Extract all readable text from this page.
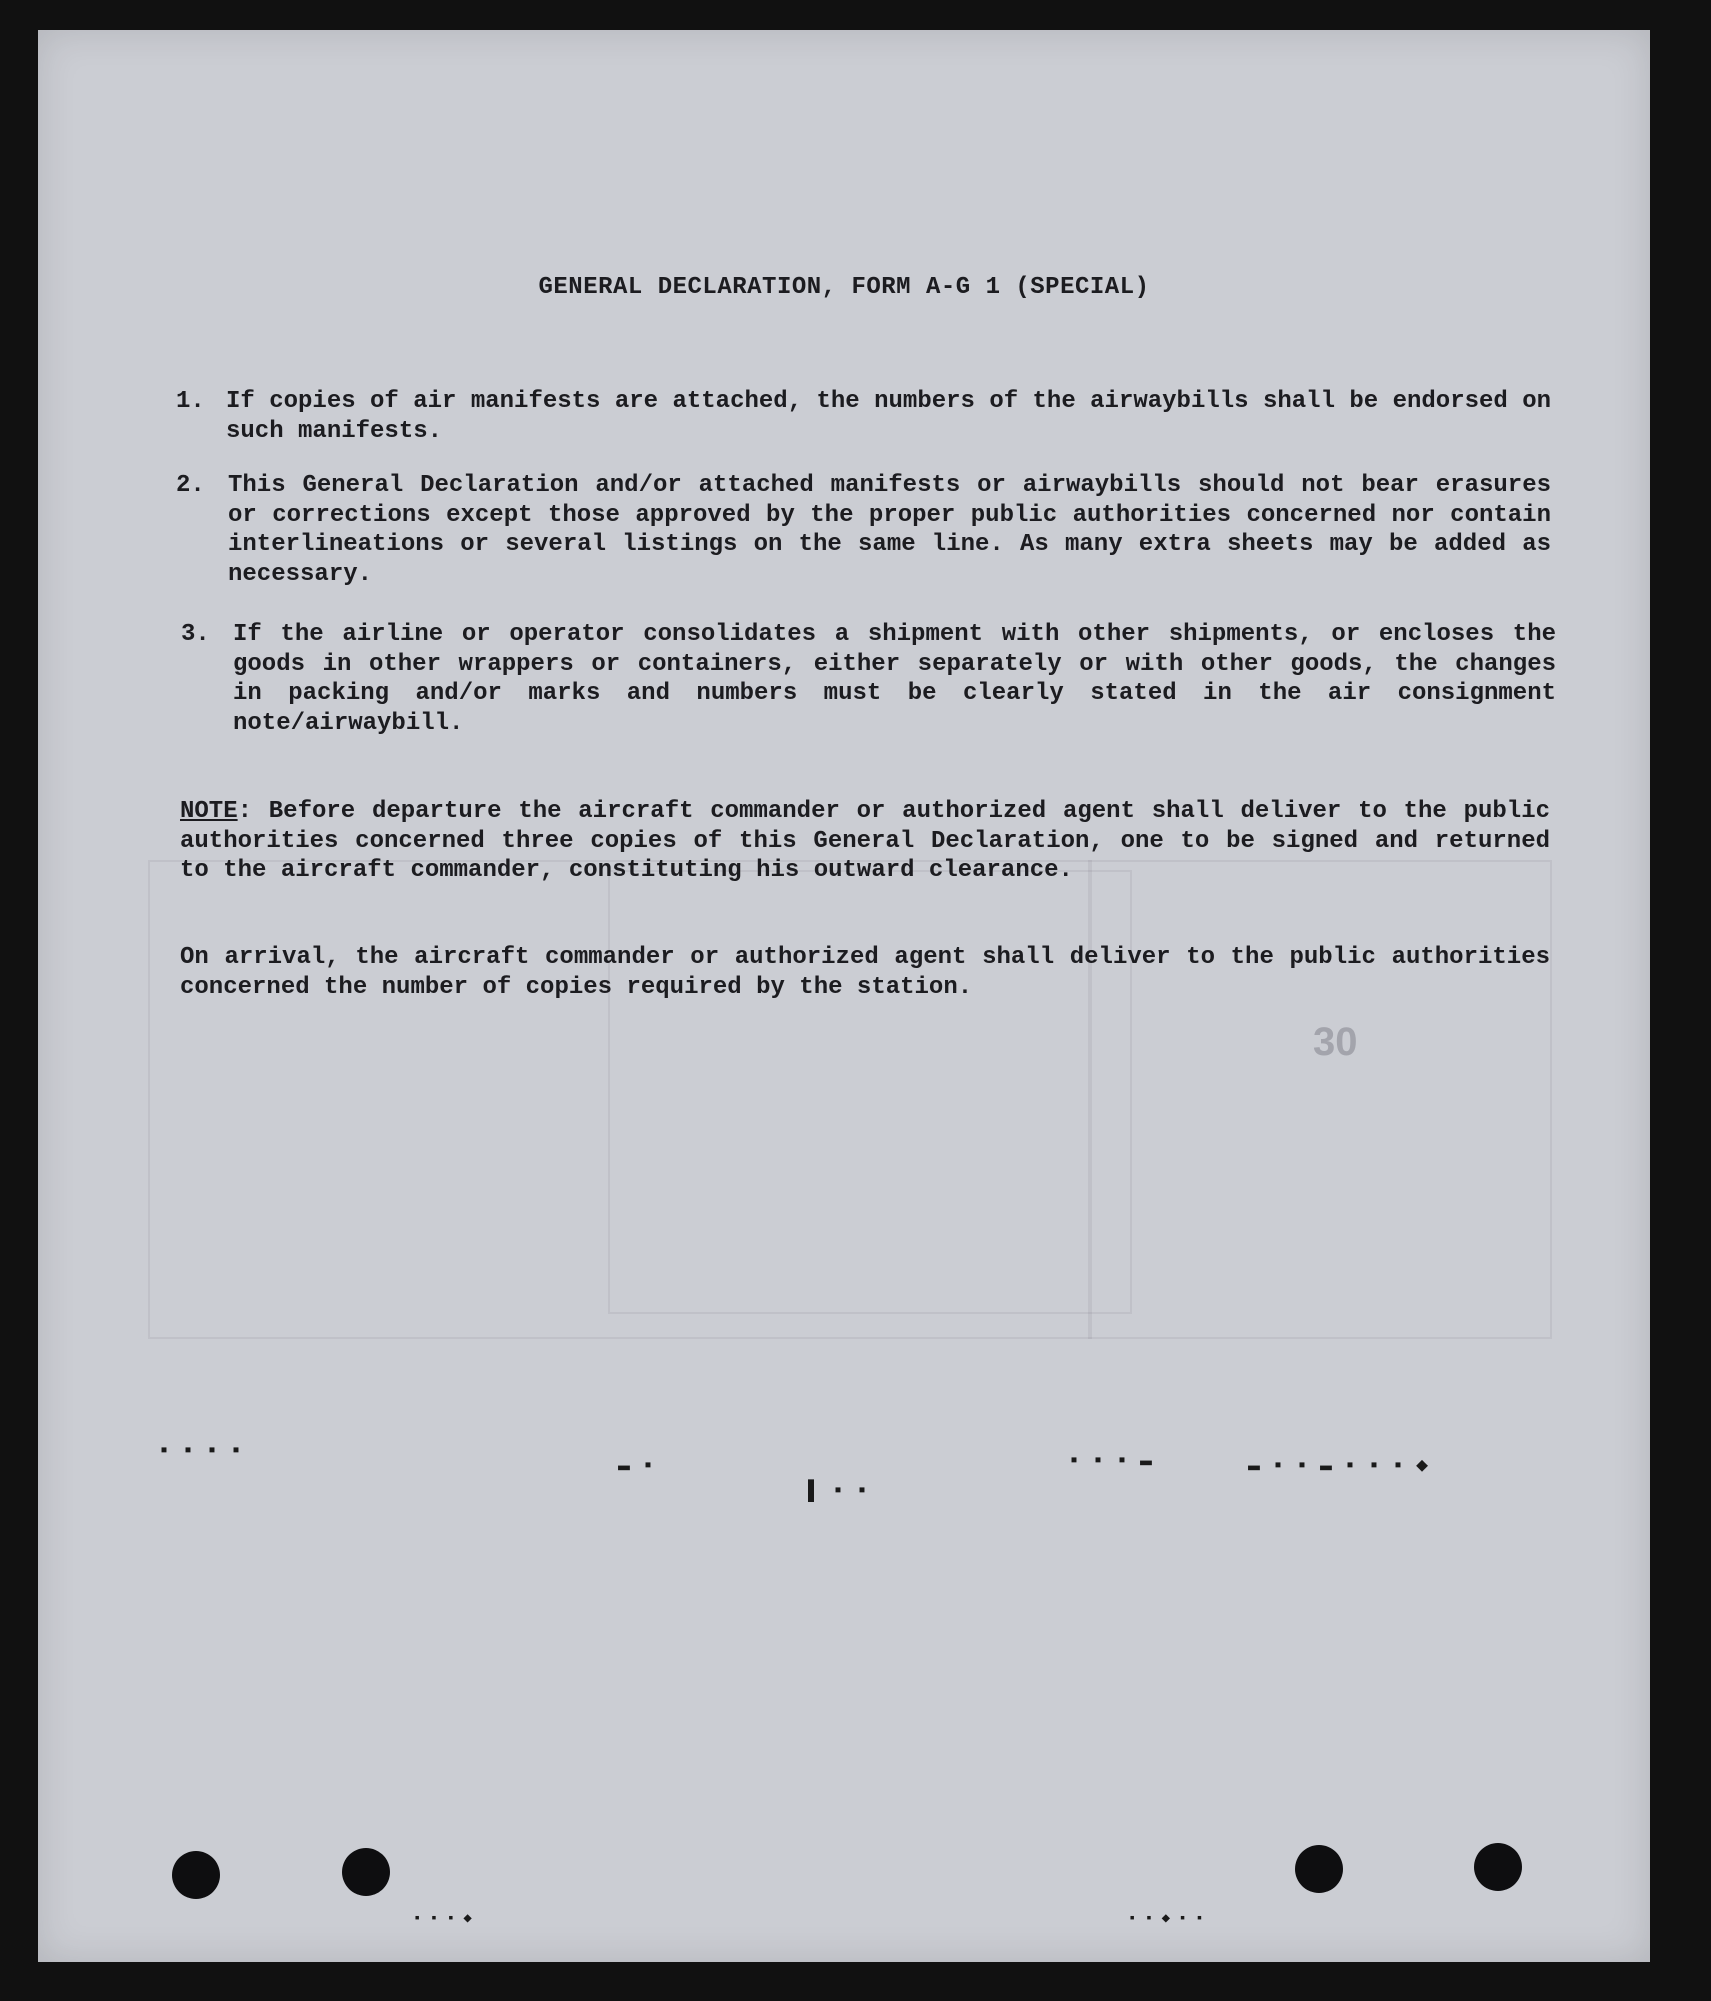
GENERAL DECLARATION, FORM A-G 1 (SPECIAL)
1. If copies of air manifests are attached, the numbers of the airwaybills shall be endorsed on such manifests.
2. This General Declaration and/or attached manifests or airwaybills should not bear erasures or corrections except those approved by the proper public authorities concerned nor contain interlineations or several listings on the same line. As many extra sheets may be added as necessary.
3. If the airline or operator consolidates a shipment with other shipments, or encloses the goods in other wrappers or containers, either separately or with other goods, the changes in packing and/or marks and numbers must be clearly stated in the air consignment note/airwaybill.
NOTE: Before departure the aircraft commander or authorized agent shall deliver to the public authorities concerned three copies of this General Declaration, one to be signed and returned to the aircraft commander, constituting his outward clearance.
On arrival, the aircraft commander or authorized agent shall deliver to the public authorities concerned the number of copies required by the station.
30
▪ ▪ ▪ ▪
▬ ▪
▌ ▪ ▪
▪ ▪ ▪ ▬	▬ ▪ ▪ ▬ ▪ ▪ ▪ ◆
▪ ▪ ▪ ◆	▪ ▪ ◆ ▪ ▪
